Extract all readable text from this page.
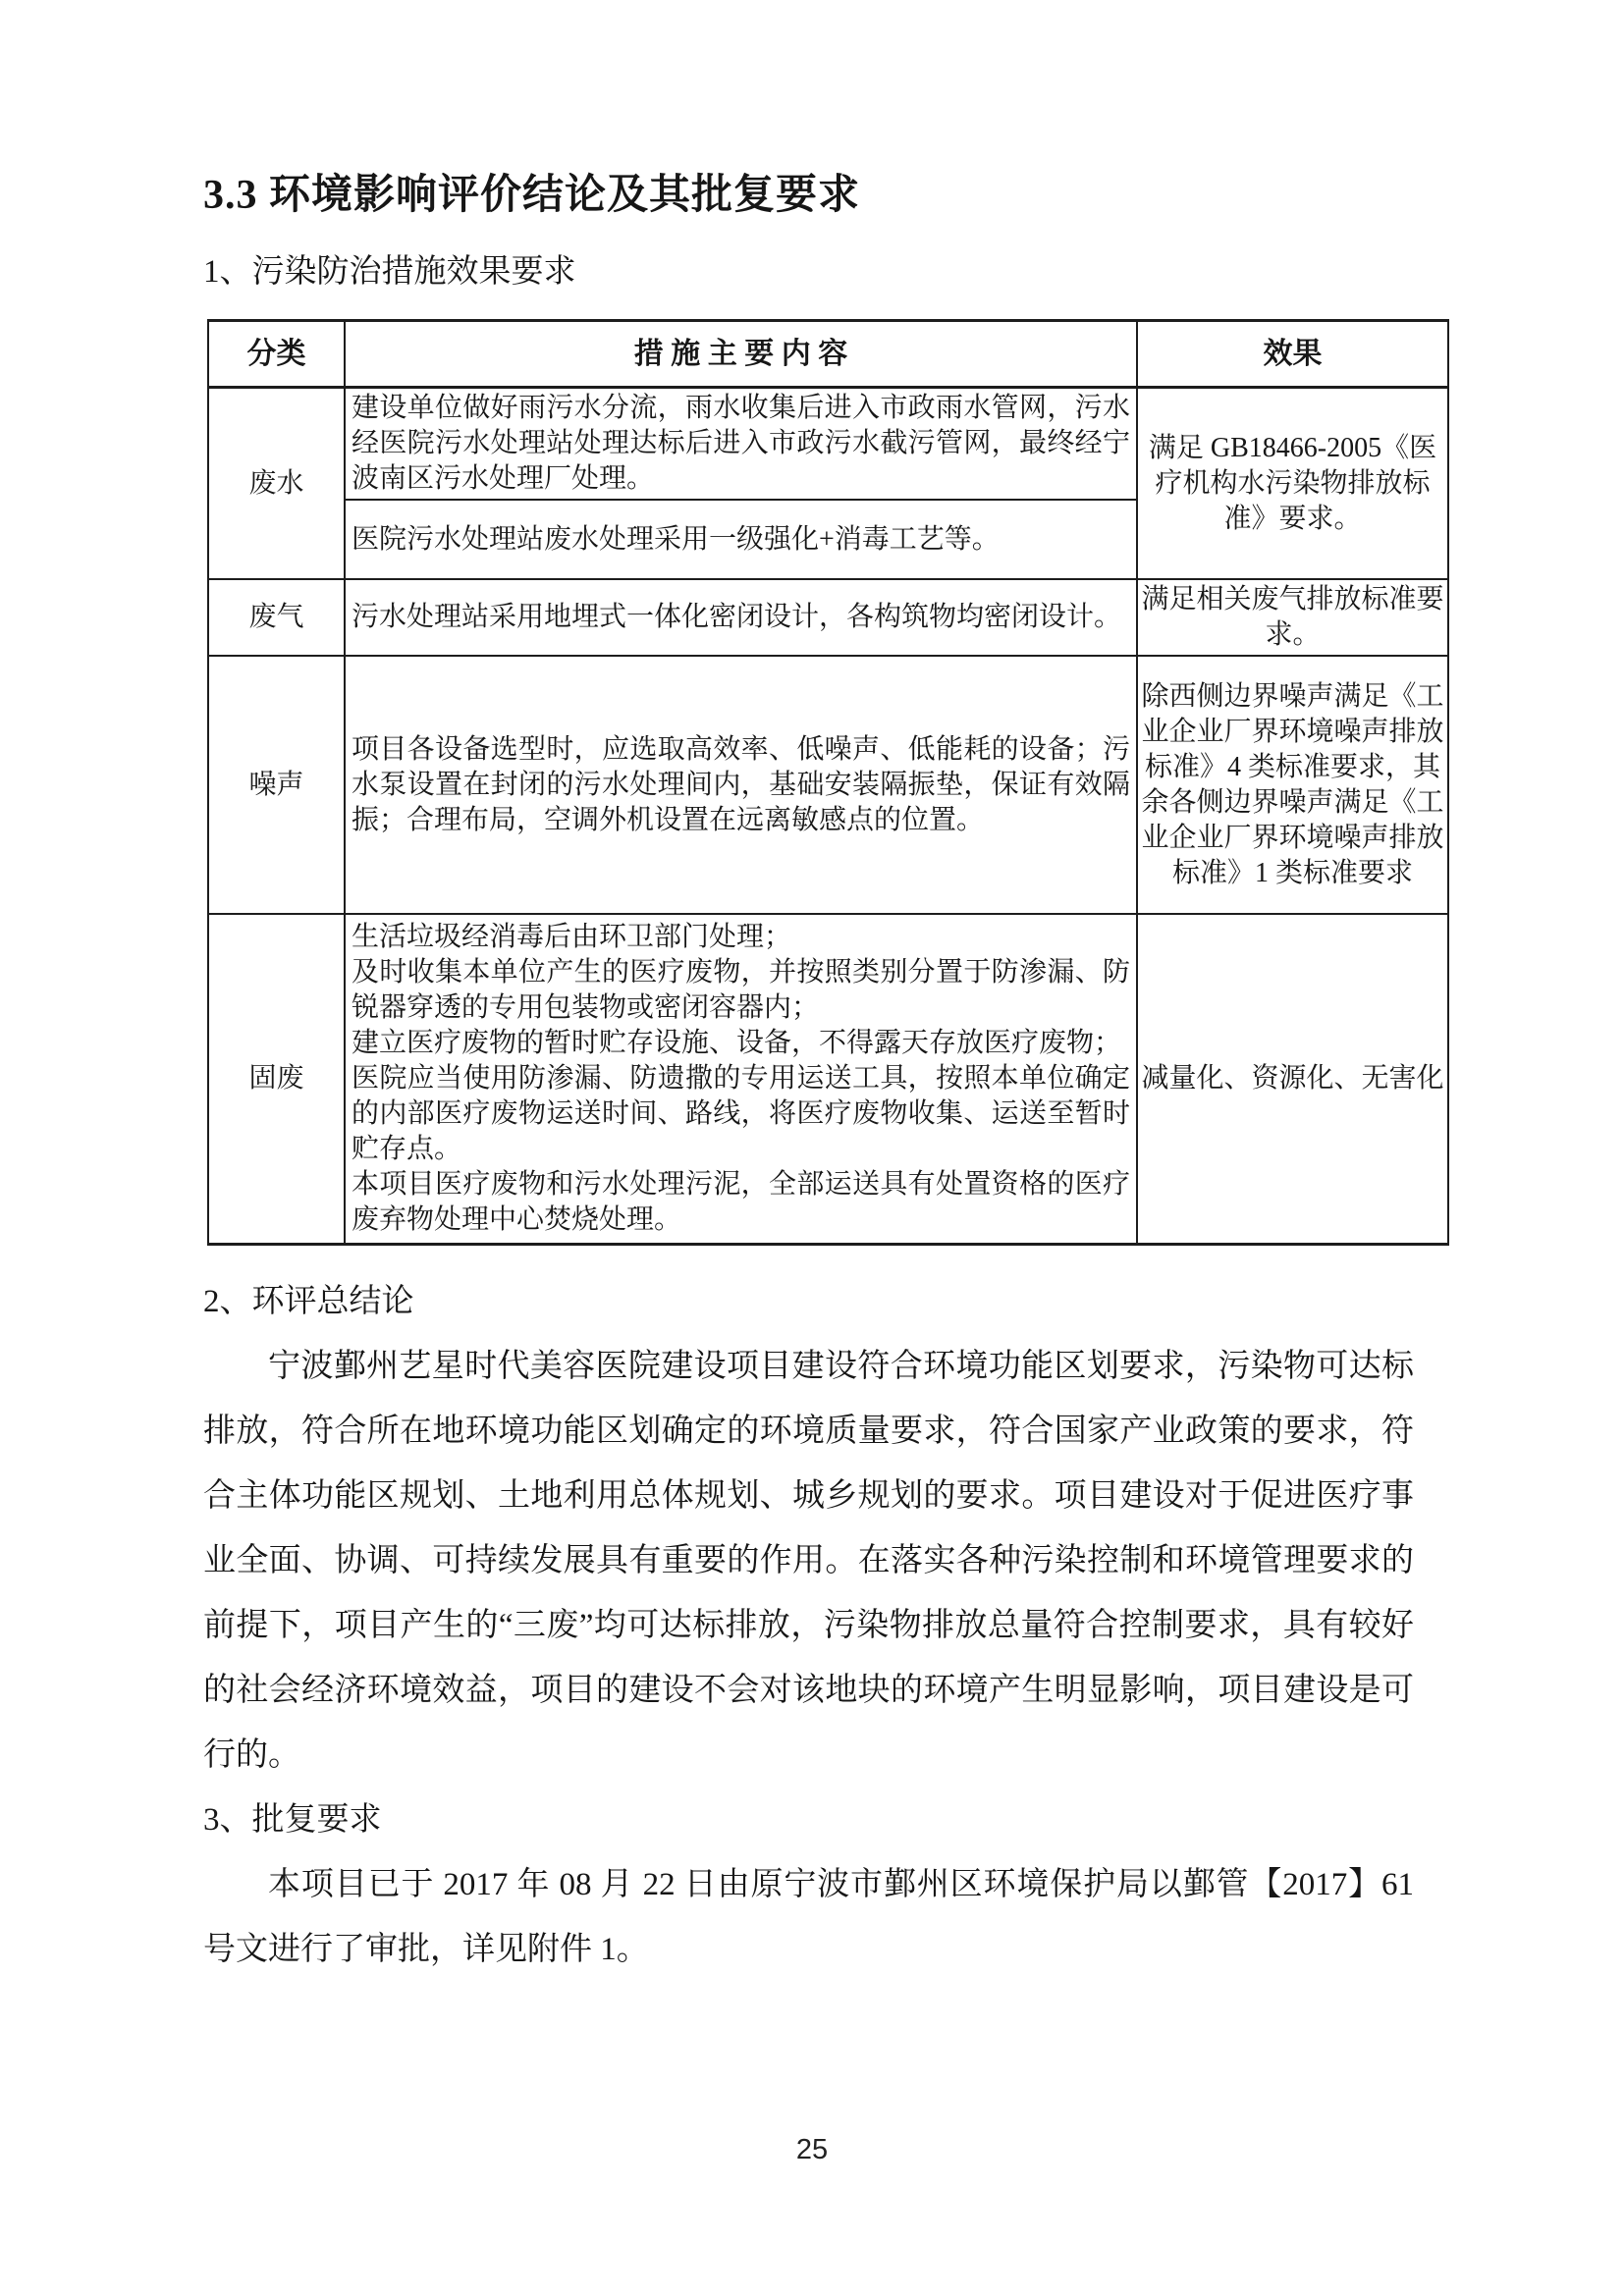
3.3 环境影响评价结论及其批复要求
1、污染防治措施效果要求
分类	措 施 主 要 内 容	效果
废水	建设单位做好雨污水分流，雨水收集后进入市政雨水管网，污水经医院污水处理站处理达标后进入市政污水截污管网，最终经宁波南区污水处理厂处理。	满足 GB18466-2005《医疗机构水污染物排放标准》要求。
	医院污水处理站废水处理采用一级强化+消毒工艺等。	
废气	污水处理站采用地埋式一体化密闭设计，各构筑物均密闭设计。	满足相关废气排放标准要求。
噪声	项目各设备选型时，应选取高效率、低噪声、低能耗的设备；污水泵设置在封闭的污水处理间内，基础安装隔振垫，保证有效隔振；合理布局，空调外机设置在远离敏感点的位置。	除西侧边界噪声满足《工业企业厂界环境噪声排放标准》4 类标准要求，其余各侧边界噪声满足《工业企业厂界环境噪声排放标准》1 类标准要求
固废	生活垃圾经消毒后由环卫部门处理；

及时收集本单位产生的医疗废物，并按照类别分置于防渗漏、防锐器穿透的专用包装物或密闭容器内；

建立医疗废物的暂时贮存设施、设备，不得露天存放医疗废物；

医院应当使用防渗漏、防遗撒的专用运送工具，按照本单位确定的内部医疗废物运送时间、路线，将医疗废物收集、运送至暂时贮存点。

本项目医疗废物和污水处理污泥，全部运送具有处置资格的医疗废弃物处理中心焚烧处理。	减量化、资源化、无害化
2、环评总结论

宁波鄞州艺星时代美容医院建设项目建设符合环境功能区划要求，污染物可达标排放，符合所在地环境功能区划确定的环境质量要求，符合国家产业政策的要求，符合主体功能区规划、土地利用总体规划、城乡规划的要求。项目建设对于促进医疗事业全面、协调、可持续发展具有重要的作用。在落实各种污染控制和环境管理要求的前提下，项目产生的“三废”均可达标排放，污染物排放总量符合控制要求，具有较好的社会经济环境效益，项目的建设不会对该地块的环境产生明显影响，项目建设是可行的。

3、批复要求

本项目已于 2017 年 08 月 22 日由原宁波市鄞州区环境保护局以鄞管【2017】61 号文进行了审批，详见附件 1。

25
